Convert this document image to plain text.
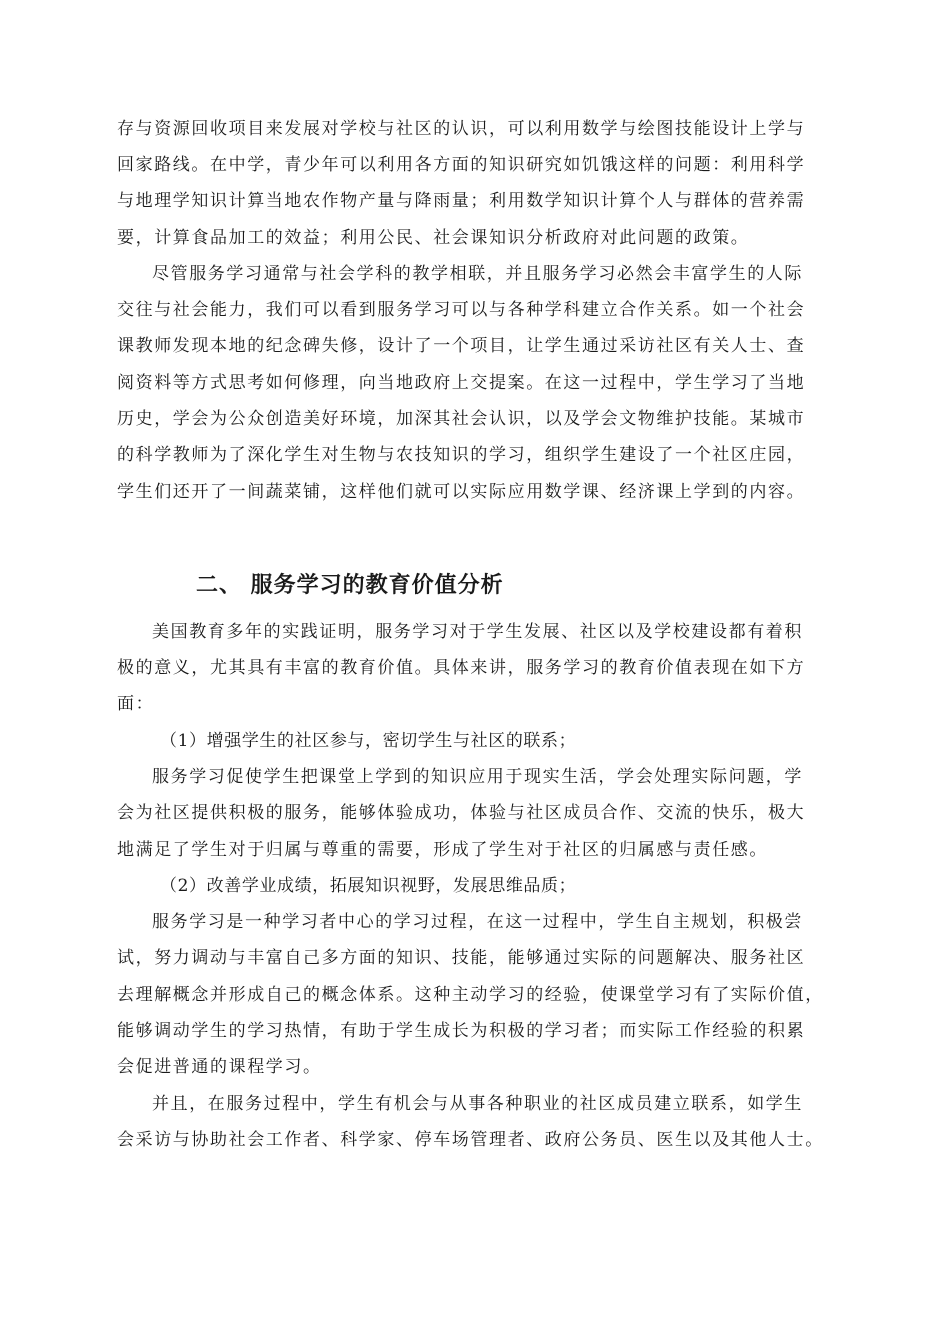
存与资源回收项目来发展对学校与社区的认识，可以利用数学与绘图技能设计上学与
回家路线。在中学，青少年可以利用各方面的知识研究如饥饿这样的问题：利用科学
与地理学知识计算当地农作物产量与降雨量；利用数学知识计算个人与群体的营养需
要，计算食品加工的效益；利用公民、社会课知识分析政府对此问题的政策。
尽管服务学习通常与社会学科的教学相联，并且服务学习必然会丰富学生的人际
交往与社会能力，我们可以看到服务学习可以与各种学科建立合作关系。如一个社会
课教师发现本地的纪念碑失修，设计了一个项目，让学生通过采访社区有关人士、查
阅资料等方式思考如何修理，向当地政府上交提案。在这一过程中，学生学习了当地
历史，学会为公众创造美好环境，加深其社会认识，以及学会文物维护技能。某城市
的科学教师为了深化学生对生物与农技知识的学习，组织学生建设了一个社区庄园，
学生们还开了一间蔬菜铺，这样他们就可以实际应用数学课、经济课上学到的内容。
二、 服务学习的教育价值分析
美国教育多年的实践证明，服务学习对于学生发展、社区以及学校建设都有着积
极的意义，尤其具有丰富的教育价值。具体来讲，服务学习的教育价值表现在如下方
面：
（1）增强学生的社区参与，密切学生与社区的联系；
服务学习促使学生把课堂上学到的知识应用于现实生活，学会处理实际问题，学
会为社区提供积极的服务，能够体验成功，体验与社区成员合作、交流的快乐，极大
地满足了学生对于归属与尊重的需要，形成了学生对于社区的归属感与责任感。
（2）改善学业成绩，拓展知识视野，发展思维品质；
服务学习是一种学习者中心的学习过程，在这一过程中，学生自主规划，积极尝
试，努力调动与丰富自己多方面的知识、技能，能够通过实际的问题解决、服务社区
去理解概念并形成自己的概念体系。这种主动学习的经验，使课堂学习有了实际价值，
能够调动学生的学习热情，有助于学生成长为积极的学习者；而实际工作经验的积累
会促进普通的课程学习。
并且，在服务过程中，学生有机会与从事各种职业的社区成员建立联系，如学生
会采访与协助社会工作者、科学家、停车场管理者、政府公务员、医生以及其他人士。
